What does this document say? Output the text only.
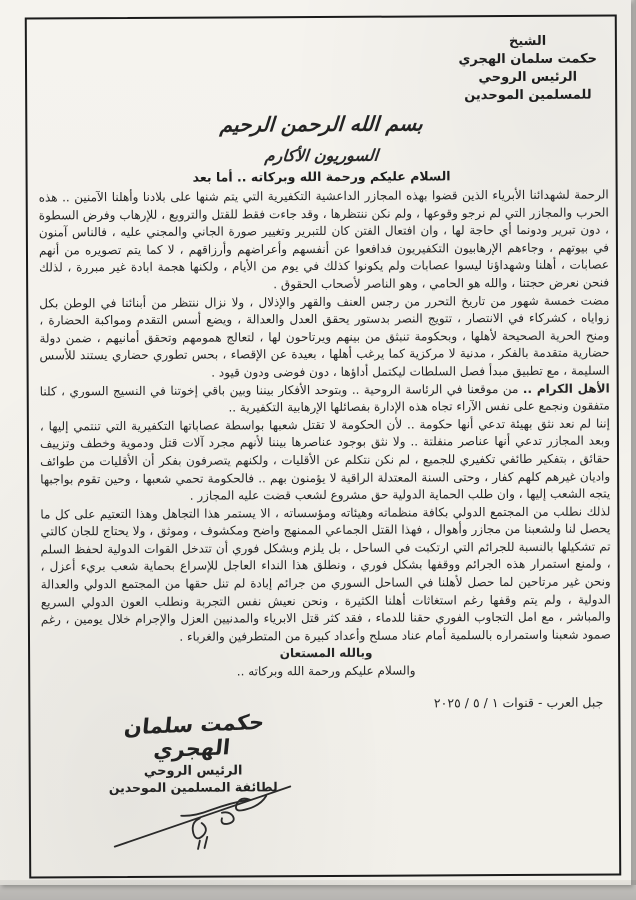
الشيخ
حكمت سلمان الهجري
الرئيس الروحي
للمسلمين الموحدين
بسم الله الرحمن الرحيم
السوريون الأكارم
السلام عليكم ورحمة الله وبركاته .. أما بعد

الرحمة لشهدائنا الأبرياء الذين قضوا بهذه المجازر الداعشية التكفيرية التي يتم شنها على بلادنا وأهلنا الآمنين .. هذه الحرب والمجازر التي لم نرجو وقوعها ، ولم نكن ننتظرها ، وقد جاءت فقط للقتل والترويع ، للإرهاب وفرض السطوة ، دون تبرير ودونما أي حاجة لها ، وان افتعال الفتن كان للتبرير وتغيير صورة الجاني والمجني عليه ، فالناس آمنون في بيوتهم ، وجاءهم الإرهابيون التكفيريون فدافعوا عن أنفسهم وأعراضهم وأرزاقهم ، لا كما يتم تصويره من أنهم عصابات ، أهلنا وشهداؤنا ليسوا عصابات ولم يكونوا كذلك في يوم من الأيام ، ولكنها هجمة ابادة غير مبررة ، لذلك فنحن نعرض حجتنا ، والله هو الحامي ، وهو الناصر لأصحاب الحقوق .

مضت خمسة شهور من تاريخ التحرر من رجس العنف والقهر والإذلال ، ولا نزال ننتظر من أبنائنا في الوطن بكل زواياه ، كشركاء في الانتصار ، تتويج النصر بدستور يحقق العدل والعدالة ، ويضع أسس التقدم ومواكبة الحضارة ، ومنح الحرية الصحيحة لأهلها ، وبحكومة تنبثق من بينهم ويرتاحون لها ، لتعالج همومهم وتحقق أمانيهم ، ضمن دولة حضارية متقدمة بالفكر ، مدنية لا مركزية كما يرغب أهلها ، بعيدة عن الإقصاء ، بحس تطوري حضاري يستند للأسس السليمة ، مع تطبيق مبدأ فصل السلطات ليكتمل أداؤها ، دون فوضى ودون قيود .

الأهل الكرام .. من موقعنا في الرئاسة الروحية .. وبتوحد الأفكار بيننا وبين باقي إخوتنا في النسيج السوري ، كلنا متفقون ونجمع على نفس الآراء تجاه هذه الإدارة بفصائلها الإرهابية التكفيرية ..

إننا لم نعد نثق بهيئة تدعي أنها حكومة .. لأن الحكومة لا تقتل شعبها بواسطة عصاباتها التكفيرية التي تنتمي إليها ، وبعد المجازر تدعي أنها عناصر منفلتة .. ولا نثق بوجود عناصرها بيننا لأنهم مجرد آلات قتل ودموية وخطف وتزييف حقائق ، بتفكير طائفي تكفيري للجميع ، لم نكن نتكلم عن الأقليات ، ولكنهم يتصرفون بفكر أن الأقليات من طوائف واديان غيرهم كلهم كفار ، وحتى السنة المعتدلة الراقية لا يؤمنون بهم .. فالحكومة تحمي شعبها ، وحين تقوم بواجبها يتجه الشعب إليها ، وان طلب الحماية الدولية حق مشروع لشعب قضت عليه المجازر .

لذلك نطلب من المجتمع الدولي بكافة منظماته وهيئاته ومؤسساته ، الا يستمر هذا التجاهل وهذا التعتيم على كل ما يحصل لنا ولشعبنا من مجازر وأهوال ، فهذا القتل الجماعي الممنهج واضح ومكشوف ، وموثق ، ولا يحتاج للجان كالتي تم تشكيلها بالنسبة للجرائم التي ارتكبت في الساحل ، بل يلزم وبشكل فوري أن تتدخل القوات الدولية لحفظ السلم ، ولمنع استمرار هذه الجرائم ووقفها بشكل فوري ، ونطلق هذا النداء العاجل للإسراع بحماية شعب بريء أعزل ، ونحن غير مرتاحين لما حصل لأهلنا في الساحل السوري من جرائم إبادة لم تنل حقها من المجتمع الدولي والعدالة الدولية ، ولم يتم وقفها رغم استغاثات أهلنا الكثيرة ، ونحن نعيش نفس التجربة ونطلب العون الدولي السريع والمباشر ، مع امل التجاوب الفوري حقنا للدماء ، فقد كثر قتل الابرياء والمدنيين العزل والإجرام خلال يومين ، رغم صمود شعبنا واستمراره بالسلمية أمام عناد مسلح وأعداد كبيرة من المتطرفين والغرباء .

وبالله المستعان

والسلام عليكم ورحمة الله وبركاته ..

جبل العرب - قنوات ١ / ٥ / ٢٠٢٥
حكمت سلمان الهجري
الرئيس الروحي
لطائفة المسلمين الموحدين
